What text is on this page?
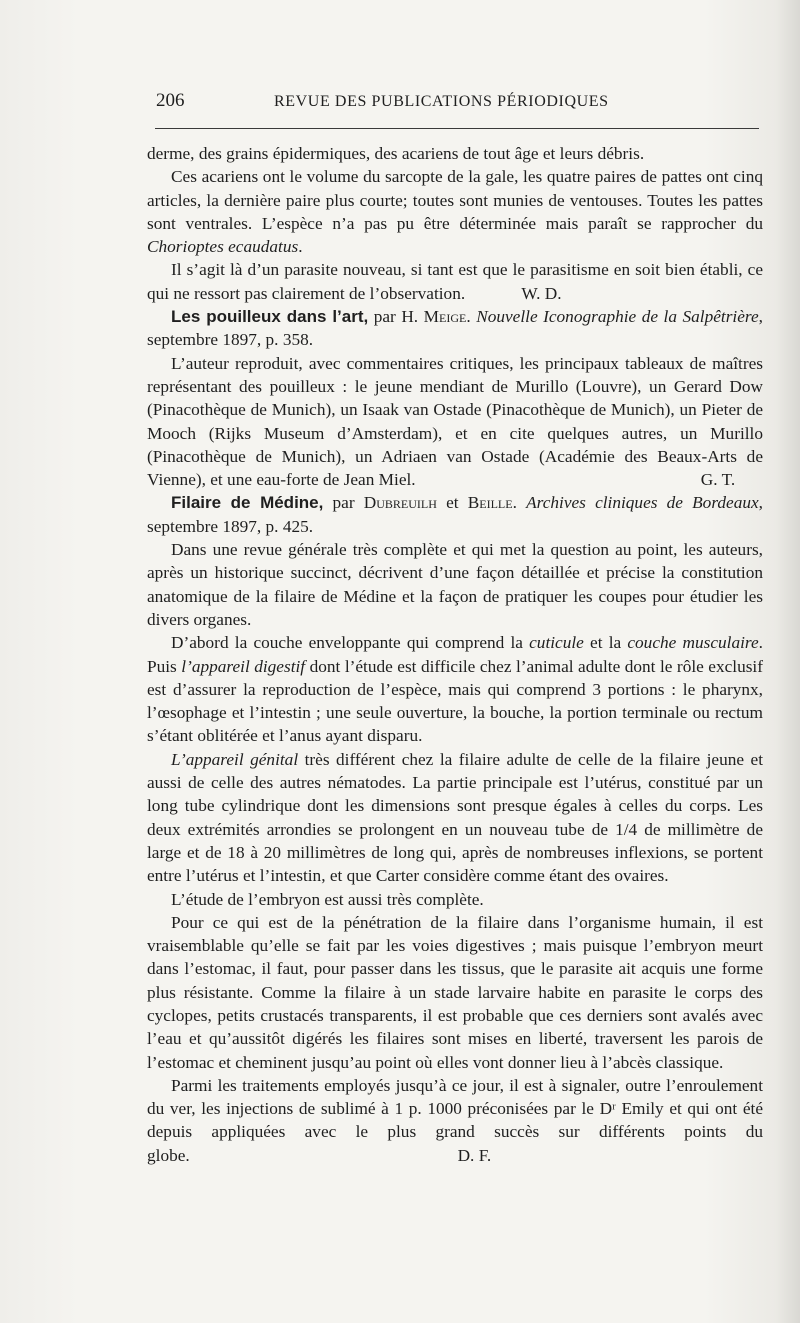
206	REVUE DES PUBLICATIONS PÉRIODIQUES

derme, des grains épidermiques, des acariens de tout âge et leurs débris.

Ces acariens ont le volume du sarcopte de la gale, les quatre paires de pattes ont cinq articles, la dernière paire plus courte; toutes sont munies de ventouses. Toutes les pattes sont ventrales. L’espèce n’a pas pu être déterminée mais paraît se rapprocher du Chorioptes ecaudatus.

Il s’agit là d’un parasite nouveau, si tant est que le parasitisme en soit bien établi, ce qui ne ressort pas clairement de l’observation.	W. D.

Les pouilleux dans l’art, par H. Meige. Nouvelle Iconographie de la Salpêtrière, septembre 1897, p. 358.

L’auteur reproduit, avec commentaires critiques, les principaux tableaux de maîtres représentant des pouilleux : le jeune mendiant de Murillo (Louvre), un Gerard Dow (Pinacothèque de Munich), un Isaak van Ostade (Pinacothèque de Munich), un Pieter de Mooch (Rijks Museum d’Amsterdam), et en cite quelques autres, un Murillo (Pinacothèque de Munich), un Adriaen van Ostade (Académie des Beaux-Arts de Vienne), et une eau-forte de Jean Miel.	G. T.

Filaire de Médine, par Dubreuilh et Beille. Archives cliniques de Bordeaux, septembre 1897, p. 425.

Dans une revue générale très complète et qui met la question au point, les auteurs, après un historique succinct, décrivent d’une façon détaillée et précise la constitution anatomique de la filaire de Médine et la façon de pratiquer les coupes pour étudier les divers organes.

D’abord la couche enveloppante qui comprend la cuticule et la couche musculaire. Puis l’appareil digestif dont l’étude est difficile chez l’animal adulte dont le rôle exclusif est d’assurer la reproduction de l’espèce, mais qui comprend 3 portions : le pharynx, l’œsophage et l’intestin ; une seule ouverture, la bouche, la portion terminale ou rectum s’étant oblitérée et l’anus ayant disparu.

L’appareil génital très différent chez la filaire adulte de celle de la filaire jeune et aussi de celle des autres nématodes. La partie principale est l’utérus, constitué par un long tube cylindrique dont les dimensions sont presque égales à celles du corps. Les deux extrémités arrondies se prolongent en un nouveau tube de 1/4 de millimètre de large et de 18 à 20 millimètres de long qui, après de nombreuses inflexions, se portent entre l’utérus et l’intestin, et que Carter considère comme étant des ovaires.

L’étude de l’embryon est aussi très complète.

Pour ce qui est de la pénétration de la filaire dans l’organisme humain, il est vraisemblable qu’elle se fait par les voies digestives ; mais puisque l’embryon meurt dans l’estomac, il faut, pour passer dans les tissus, que le parasite ait acquis une forme plus résistante. Comme la filaire à un stade larvaire habite en parasite le corps des cyclopes, petits crustacés transparents, il est probable que ces derniers sont avalés avec l’eau et qu’aussitôt digérés les filaires sont mises en liberté, traversent les parois de l’estomac et cheminent jusqu’au point où elles vont donner lieu à l’abcès classique.

Parmi les traitements employés jusqu’à ce jour, il est à signaler, outre l’enroulement du ver, les injections de sublimé à 1 p. 1000 préconisées par le Dʳ Emily et qui ont été depuis appliquées avec le plus grand succès sur différents points du globe.	D. F.
